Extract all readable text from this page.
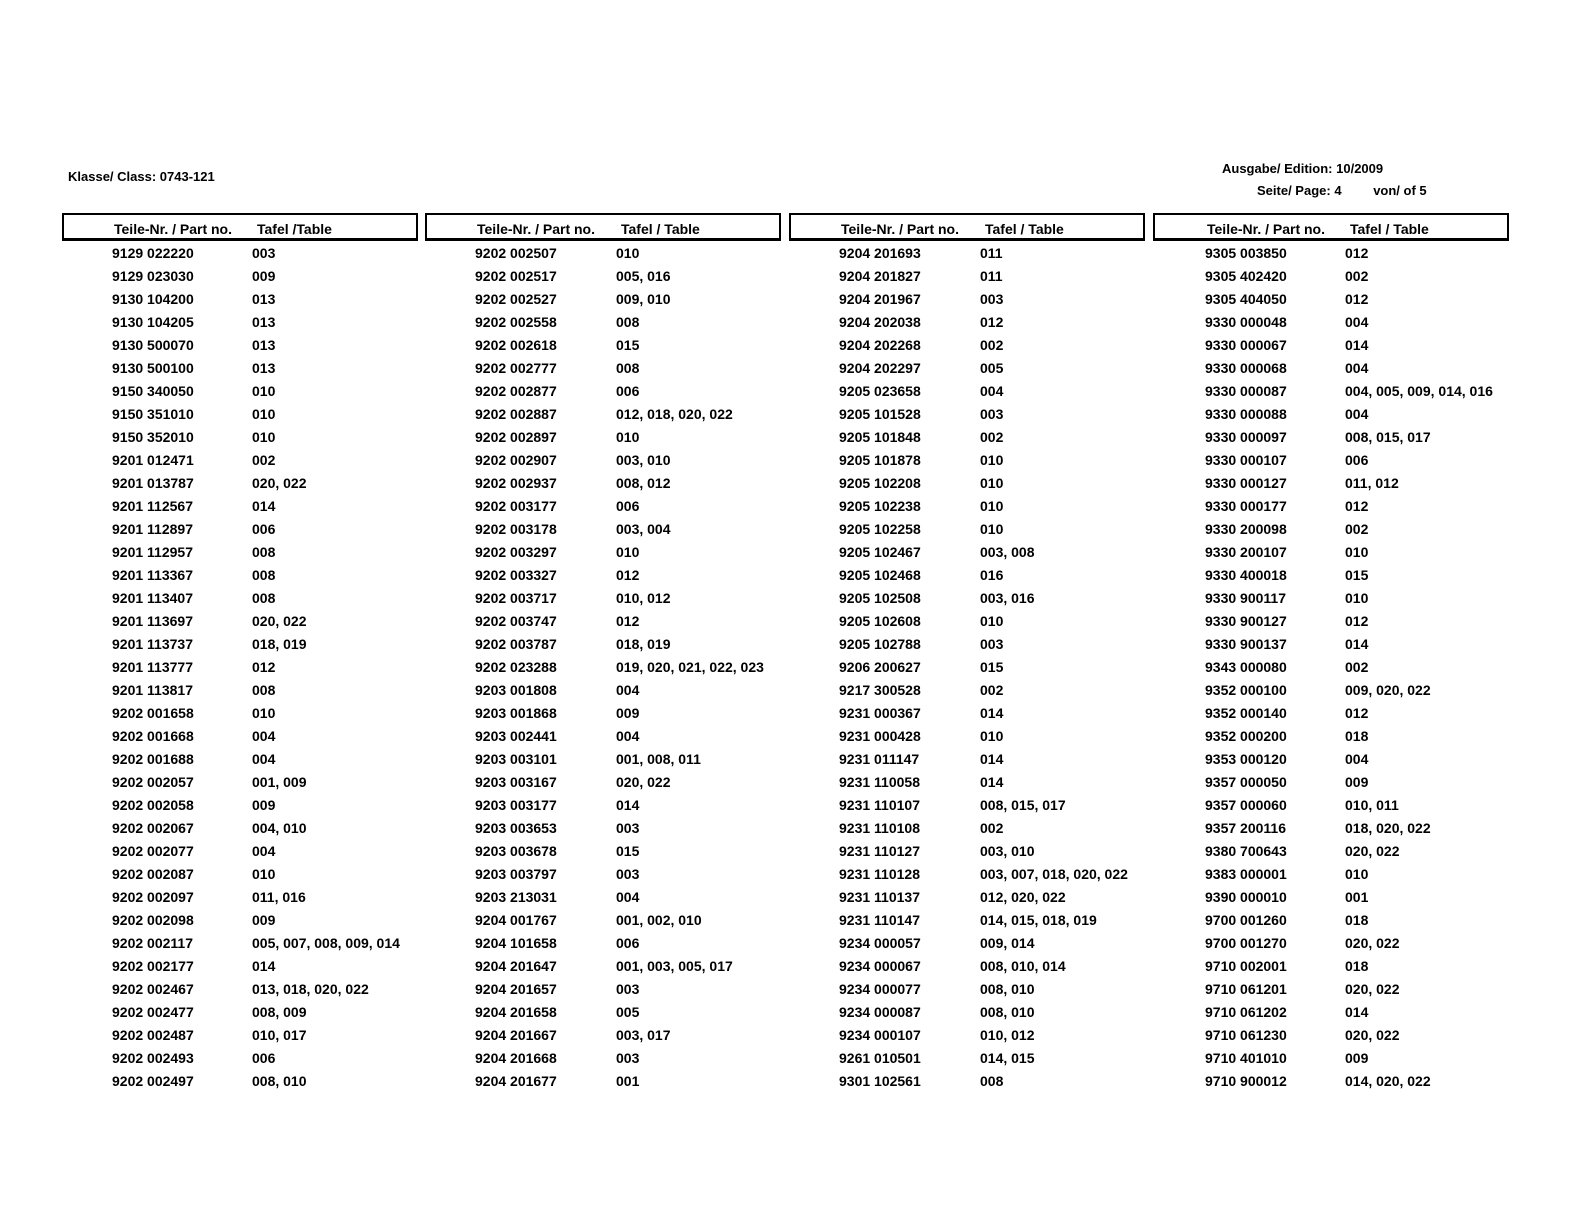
Klasse/ Class: 0743-121
Ausgabe/ Edition: 10/2009
Seite/ Page: 4 von/ of 5
Teile-Nr. / Part no. Tafel /Table
9129 022220	003
9129 023030	009
9130 104200	013
9130 104205	013
9130 500070	013
9130 500100	013
9150 340050	010
9150 351010	010
9150 352010	010
9201 012471	002
9201 013787	020, 022
9201 112567	014
9201 112897	006
9201 112957	008
9201 113367	008
9201 113407	008
9201 113697	020, 022
9201 113737	018, 019
9201 113777	012
9201 113817	008
9202 001658	010
9202 001668	004
9202 001688	004
9202 002057	001, 009
9202 002058	009
9202 002067	004, 010
9202 002077	004
9202 002087	010
9202 002097	011, 016
9202 002098	009
9202 002117	005, 007, 008, 009, 014
9202 002177	014
9202 002467	013, 018, 020, 022
9202 002477	008, 009
9202 002487	010, 017
9202 002493	006
9202 002497	008, 010
Teile-Nr. / Part no. Tafel / Table
9202 002507	010
9202 002517	005, 016
9202 002527	009, 010
9202 002558	008
9202 002618	015
9202 002777	008
9202 002877	006
9202 002887	012, 018, 020, 022
9202 002897	010
9202 002907	003, 010
9202 002937	008, 012
9202 003177	006
9202 003178	003, 004
9202 003297	010
9202 003327	012
9202 003717	010, 012
9202 003747	012
9202 003787	018, 019
9202 023288	019, 020, 021, 022, 023
9203 001808	004
9203 001868	009
9203 002441	004
9203 003101	001, 008, 011
9203 003167	020, 022
9203 003177	014
9203 003653	003
9203 003678	015
9203 003797	003
9203 213031	004
9204 001767	001, 002, 010
9204 101658	006
9204 201647	001, 003, 005, 017
9204 201657	003
9204 201658	005
9204 201667	003, 017
9204 201668	003
9204 201677	001
Teile-Nr. / Part no. Tafel / Table
9204 201693	011
9204 201827	011
9204 201967	003
9204 202038	012
9204 202268	002
9204 202297	005
9205 023658	004
9205 101528	003
9205 101848	002
9205 101878	010
9205 102208	010
9205 102238	010
9205 102258	010
9205 102467	003, 008
9205 102468	016
9205 102508	003, 016
9205 102608	010
9205 102788	003
9206 200627	015
9217 300528	002
9231 000367	014
9231 000428	010
9231 011147	014
9231 110058	014
9231 110107	008, 015, 017
9231 110108	002
9231 110127	003, 010
9231 110128	003, 007, 018, 020, 022
9231 110137	012, 020, 022
9231 110147	014, 015, 018, 019
9234 000057	009, 014
9234 000067	008, 010, 014
9234 000077	008, 010
9234 000087	008, 010
9234 000107	010, 012
9261 010501	014, 015
9301 102561	008
Teile-Nr. / Part no. Tafel / Table
9305 003850	012
9305 402420	002
9305 404050	012
9330 000048	004
9330 000067	014
9330 000068	004
9330 000087	004, 005, 009, 014, 016
9330 000088	004
9330 000097	008, 015, 017
9330 000107	006
9330 000127	011, 012
9330 000177	012
9330 200098	002
9330 200107	010
9330 400018	015
9330 900117	010
9330 900127	012
9330 900137	014
9343 000080	002
9352 000100	009, 020, 022
9352 000140	012
9352 000200	018
9353 000120	004
9357 000050	009
9357 000060	010, 011
9357 200116	018, 020, 022
9380 700643	020, 022
9383 000001	010
9390 000010	001
9700 001260	018
9700 001270	020, 022
9710 002001	018
9710 061201	020, 022
9710 061202	014
9710 061230	020, 022
9710 401010	009
9710 900012	014, 020, 022
